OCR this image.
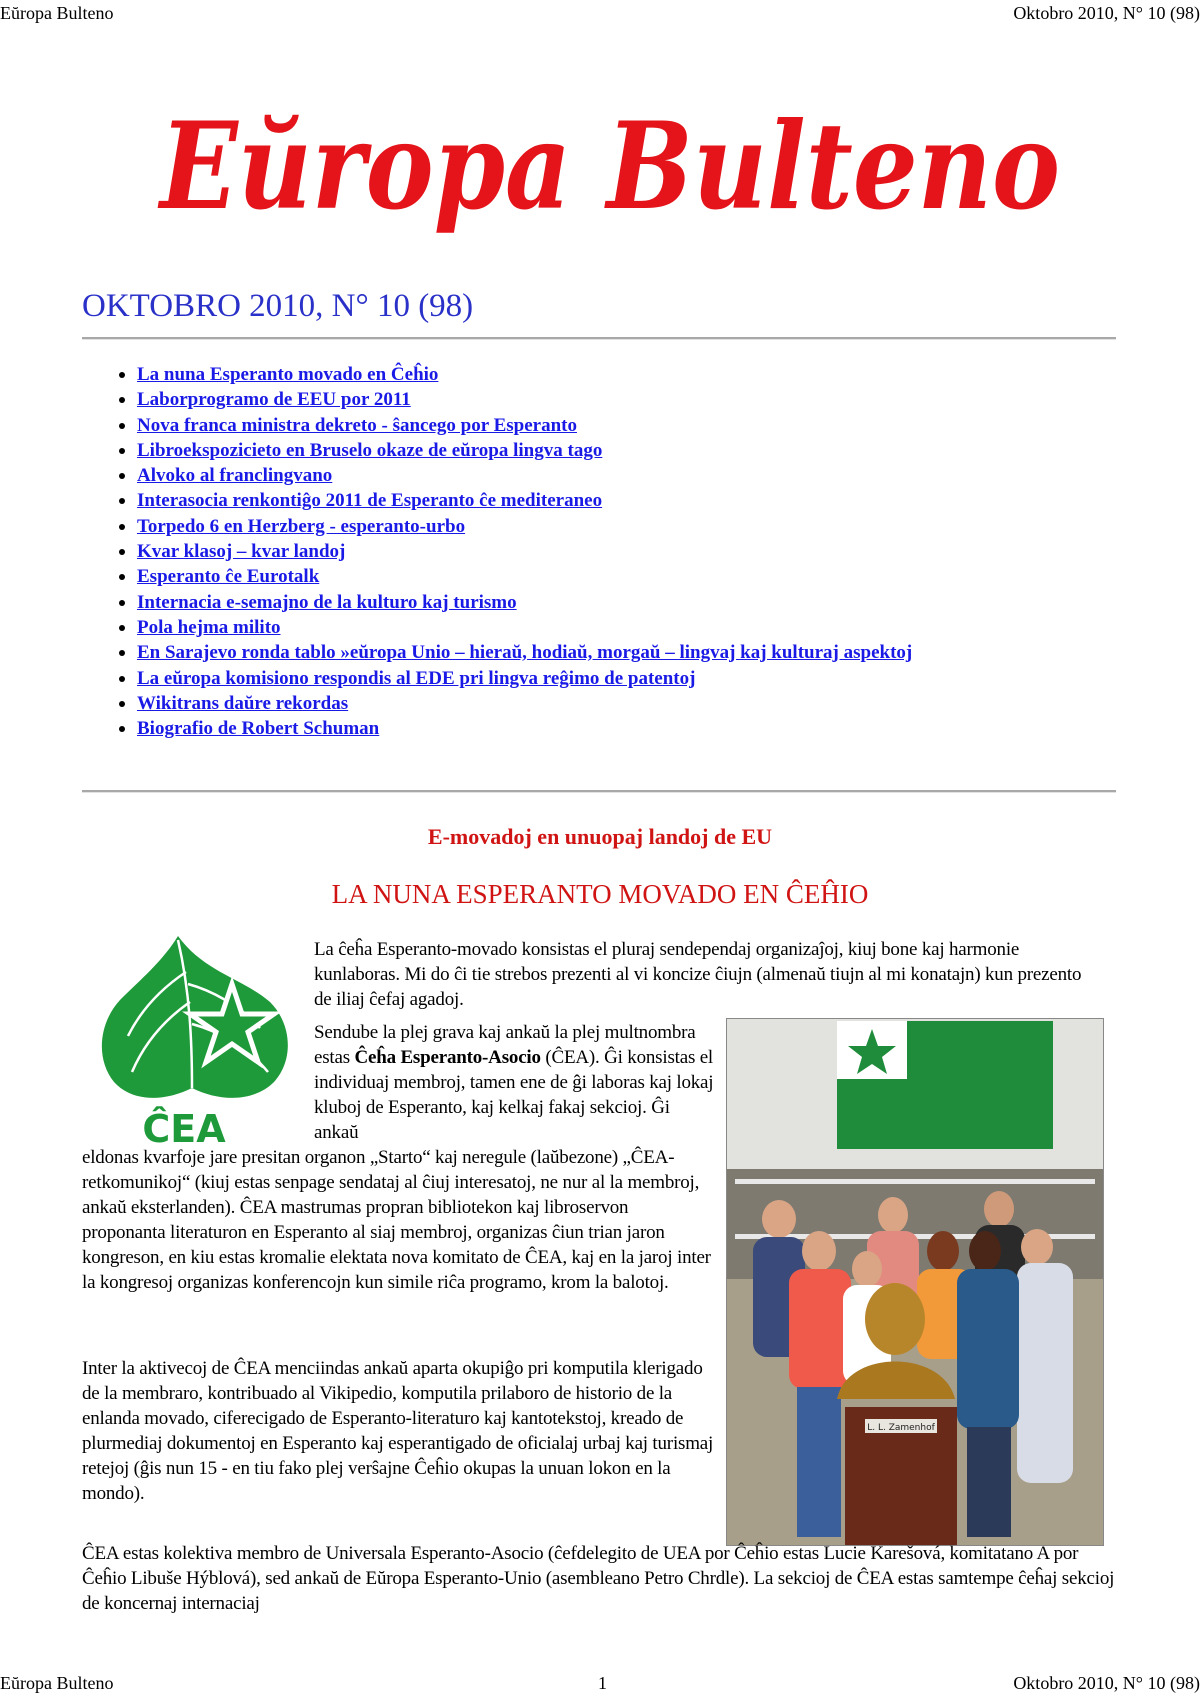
Eŭropa Bulteno	Oktobro 2010, N° 10 (98)
Eŭropa Bulteno
OKTOBRO 2010, N° 10 (98)
La nuna Esperanto movado en Ĉeĥio
Laborprogramo de EEU por 2011
Nova franca ministra dekreto - ŝancego por Esperanto
Libroekspozicieto en Bruselo okaze de eŭropa lingva tago
Alvoko al franclingvano
Interasocia renkontiĝo 2011 de Esperanto ĉe mediteraneo
Torpedo 6 en Herzberg - esperanto-urbo
Kvar klasoj – kvar landoj
Esperanto ĉe Eurotalk
Internacia e-semajno de la kulturo kaj turismo
Pola hejma milito
En Sarajevo ronda tablo »eŭropa Unio – hieraŭ, hodiaŭ, morgaŭ – lingvaj kaj kulturaj aspektoj
La eŭropa komisiono respondis al EDE pri lingva reĝimo de patentoj
Wikitrans daŭre rekordas
Biografio de Robert Schuman
E-movadoj en unuopaj landoj de EU
LA NUNA ESPERANTO MOVADO EN ĈEĤIO
ĈEA
L. L. Zamenhof

La ĉeĥa Esperanto-movado konsistas el pluraj sendependaj organizaĵoj, kiuj bone kaj harmonie kunlaboras. Mi do ĉi tie strebos prezenti al vi koncize ĉiujn (almenaŭ tiujn al mi konatajn) kun prezento de iliaj ĉefaj agadoj.

Sendube la plej grava kaj ankaŭ la plej multnombra estas Ĉeĥa Esperanto-Asocio (ĈEA). Ĝi konsistas el individuaj membroj, tamen ene de ĝi laboras kaj lokaj kluboj de Esperanto, kaj kelkaj fakaj sekcioj. Ĝi ankaŭ

eldonas kvarfoje jare presitan organon „Starto“ kaj neregule (laŭbezone) „ĈEA-retkomunikoj“ (kiuj estas senpage sendataj al ĉiuj interesatoj, ne nur al la membroj, ankaŭ eksterlanden). ĈEA mastrumas propran bibliotekon kaj libroservon proponanta literaturon en Esperanto al siaj membroj, organizas ĉiun trian jaron kongreson, en kiu estas kromalie elektata nova komitato de ĈEA, kaj en la jaroj inter la kongresoj organizas konferencojn kun simile riĉa programo, krom la balotoj.

Inter la aktivecoj de ĈEA menciindas ankaŭ aparta okupiĝo pri komputila klerigado de la membraro, kontribuado al Vikipedio, komputila prilaboro de historio de la enlanda movado, ciferecigado de Esperanto-literaturo kaj kantotekstoj, kreado de plurmediaj dokumentoj en Esperanto kaj esperantigado de oficialaj urbaj kaj turismaj retejoj (ĝis nun 15 - en tiu fako plej verŝajne Ĉeĥio okupas la unuan lokon en la mondo).

ĈEA estas kolektiva membro de Universala Esperanto-Asocio (ĉefdelegito de UEA por Ĉeĥio estas Lucie Karešová, komitatano A por Ĉeĥio Libuše Hýblová), sed ankaŭ de Eŭropa Esperanto-Unio (asembleano Petro Chrdle). La sekcioj de ĈEA estas samtempe ĉeĥaj sekcioj de koncernaj internaciaj

Eŭropa Bulteno	1	Oktobro 2010, N° 10 (98)
